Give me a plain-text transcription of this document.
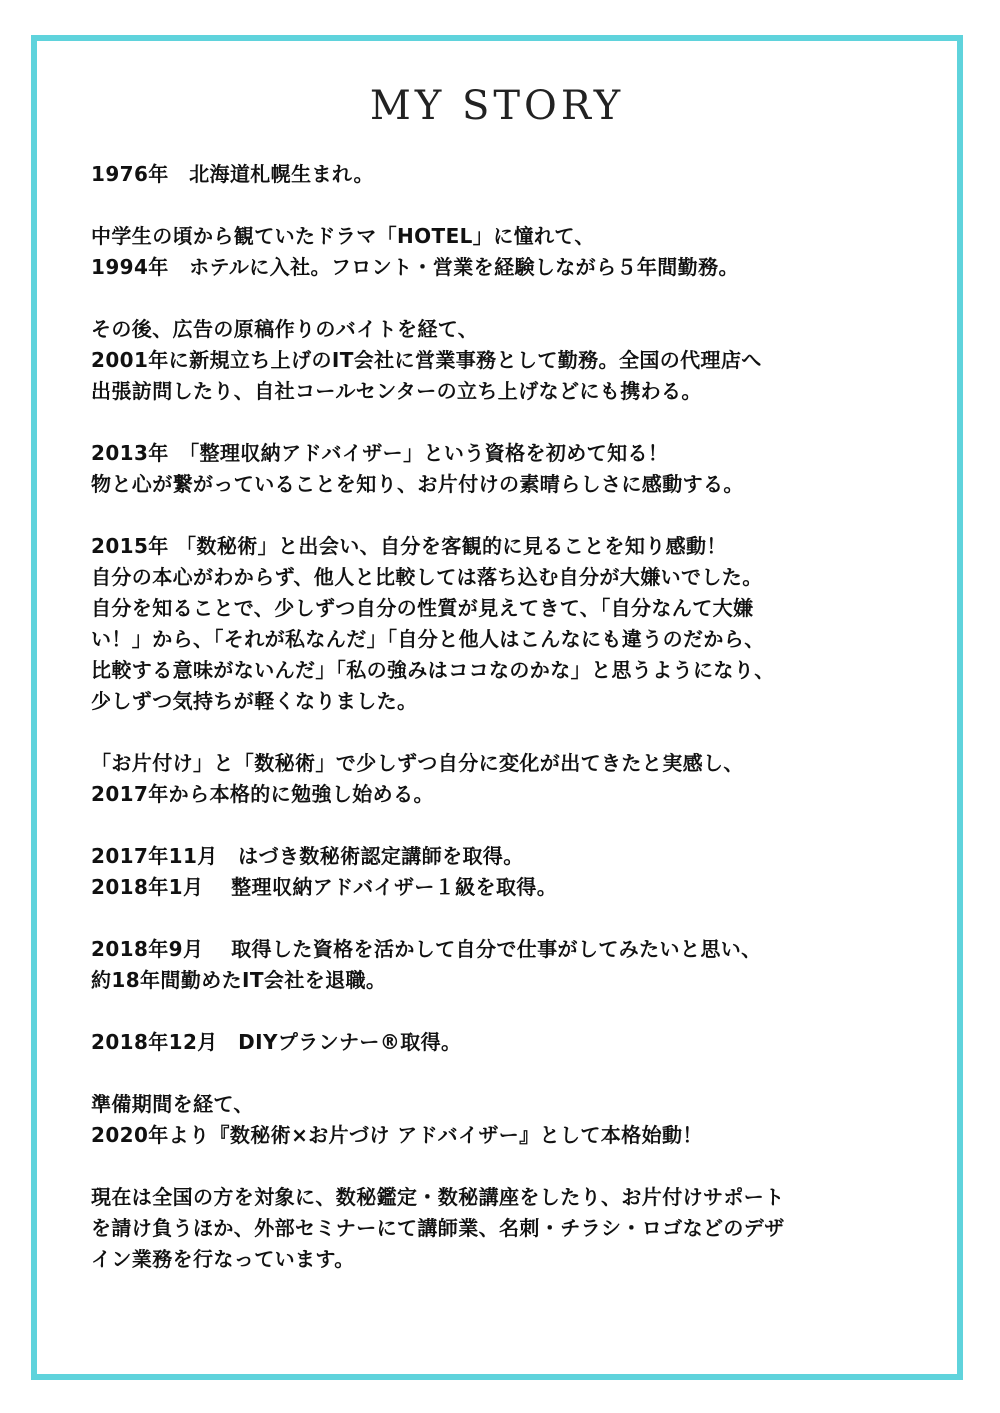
MY STORY
1976年　北海道札幌生まれ。
中学生の頃から観ていたドラマ「HOTEL」に憧れて、
1994年　ホテルに入社。フロント・営業を経験しながら５年間勤務。
その後、広告の原稿作りのバイトを経て、
2001年に新規立ち上げのIT会社に営業事務として勤務。全国の代理店へ
出張訪問したり、自社コールセンターの立ち上げなどにも携わる。
2013年　「整理収納アドバイザー」という資格を初めて知る！
物と心が繋がっていることを知り、お片付けの素晴らしさに感動する。
2015年 「数秘術」と出会い、自分を客観的に見ることを知り感動！
自分の本心がわからず、他人と比較しては落ち込む自分が大嫌いでした。
自分を知ることで、少しずつ自分の性質が見えてきて、「自分なんて大嫌
い！」から、「それが私なんだ」「自分と他人はこんなにも違うのだから、
比較する意味がないんだ」「私の強みはココなのかな」と思うようになり、
少しずつ気持ちが軽くなりました。
「お片付け」と「数秘術」で少しずつ自分に変化が出てきたと実感し、
2017年から本格的に勉強し始める。
2017年11月　はづき数秘術認定講師を取得。
2018年1月　 整理収納アドバイザー１級を取得。
2018年9月　 取得した資格を活かして自分で仕事がしてみたいと思い、
約18年間勤めたIT会社を退職。
2018年12月　DIYプランナー®取得。
準備期間を経て、
2020年より『数秘術×お片づけ アドバイザー』として本格始動！
現在は全国の方を対象に、数秘鑑定・数秘講座をしたり、お片付けサポート
を請け負うほか、外部セミナーにて講師業、名刺・チラシ・ロゴなどのデザ
イン業務を行なっています。
